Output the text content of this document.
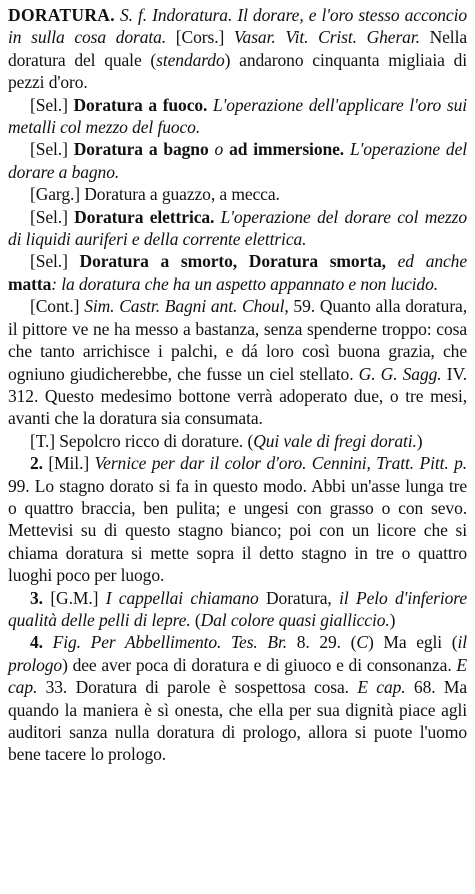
DORATURA. S. f. Indoratura. Il dorare, e l'oro stesso acconcio in sulla cosa dorata. [Cors.] Vasar. Vit. Crist. Gherar. Nella doratura del quale (stendardo) andarono cinquanta migliaia di pezzi d'oro.

[Sel.] Doratura a fuoco. L'operazione dell'applicare l'oro sui metalli col mezzo del fuoco.

[Sel.] Doratura a bagno o ad immersione. L'operazione del dorare a bagno.

[Garg.] Doratura a guazzo, a mecca.

[Sel.] Doratura elettrica. L'operazione del dorare col mezzo di liquidi auriferi e della corrente elettrica.

[Sel.] Doratura a smorto, Doratura smorta, ed anche matta: la doratura che ha un aspetto appannato e non lucido.

[Cont.] Sim. Castr. Bagni ant. Choul, 59. Quanto alla doratura, il pittore ve ne ha messo a bastanza, senza spenderne troppo: cosa che tanto arrichisce i palchi, e dá loro così buona grazia, che ogniuno giudicherebbe, che fusse un ciel stellato. G. G. Sagg. IV. 312. Questo medesimo bottone verrà adoperato due, o tre mesi, avanti che la doratura sia consumata.

[T.] Sepolcro ricco di dorature. (Qui vale di fregi dorati.)

2. [Mil.] Vernice per dar il color d'oro. Cennini, Tratt. Pitt. p. 99. Lo stagno dorato si fa in questo modo. Abbi un'asse lunga tre o quattro braccia, ben pulita; e ungesi con grasso o con sevo. Mettevisi su di questo stagno bianco; poi con un licore che si chiama doratura si mette sopra il detto stagno in tre o quattro luoghi poco per luogo.

3. [G.M.] I cappellai chiamano Doratura, il Pelo d'inferiore qualità delle pelli di lepre. (Dal colore quasi gialliccio.)

4. Fig. Per Abbellimento. Tes. Br. 8. 29. (C) Ma egli (il prologo) dee aver poca di doratura e di giuoco e di consonanza. E cap. 33. Doratura di parole è sospettosa cosa. E cap. 68. Ma quando la maniera è sì onesta, che ella per sua dignità piace agli auditori sanza nulla doratura di prologo, allora si puote l'uomo bene tacere lo prologo.
